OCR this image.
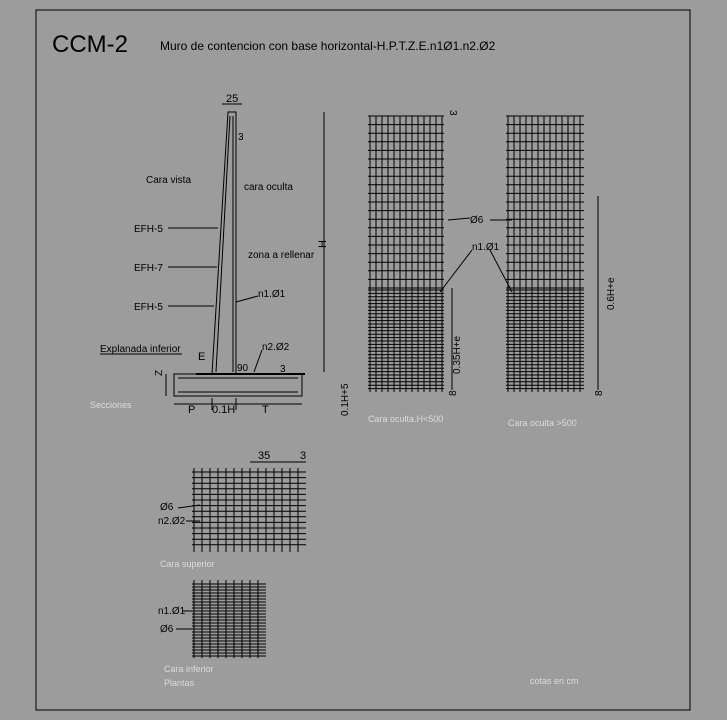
CCM-2	Muro de contencion con base horizontal-H.P.T.Z.E.n1Ø1.n2.Ø2
25
3
Cara vista
cara oculta
EFH-5
EFH-7
EFH-5
zona a rellenar
n1.Ø1
n2.Ø2
Explanada inferior
E
Z	90	3
H
0.1H+5
P 0.1H T
Secciones
3
Ø6
n1.Ø1
0.35H+e
8
Cara oculta.H<500
0.6H+e
8
Cara oculta >500
35	3
Ø6
n2.Ø2
Cara superior
n1.Ø1
Ø6
Cara inferior
Plantas	cotas en cm
